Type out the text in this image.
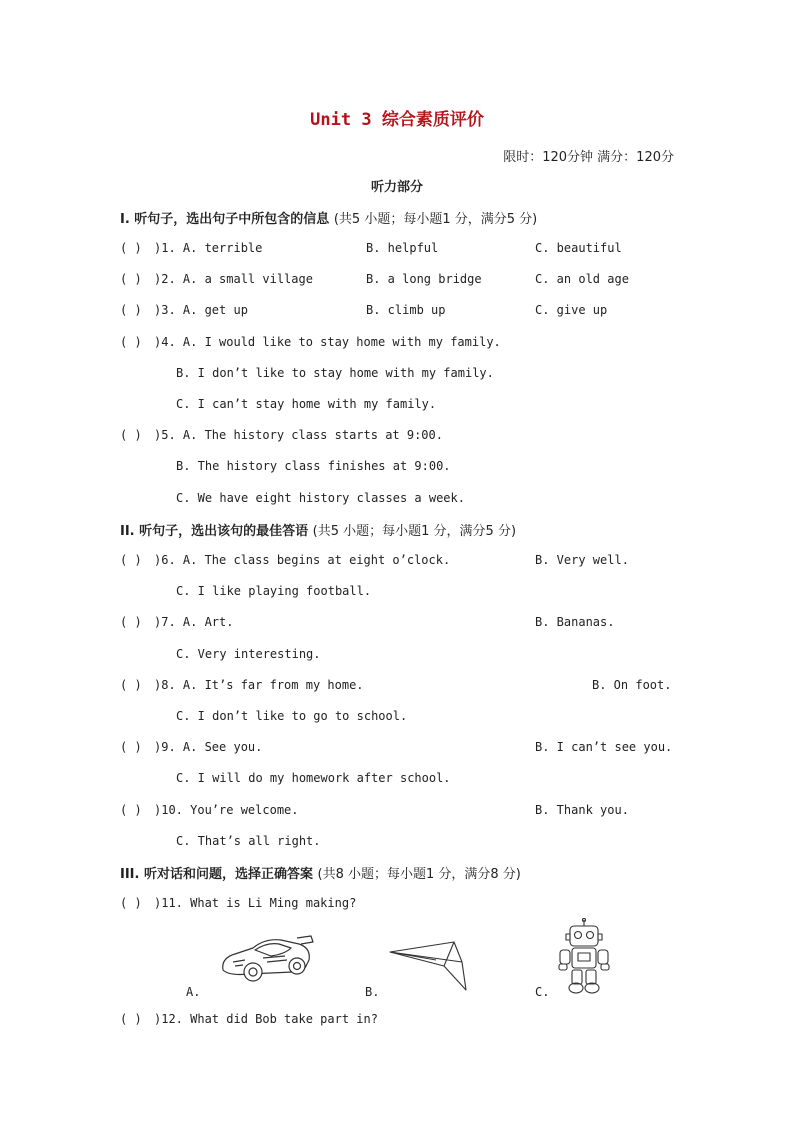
Unit 3 综合素质评价
限时：120分钟 满分：120分
听力部分
I. 听句子，选出句子中所包含的信息 (共5 小题；每小题1 分，满分5 分)
( ) )1. A. terrible	B. helpful	C. beautiful
( ) )2. A. a small village	B. a long bridge	C. an old age
( ) )3. A. get up	B. climb up	C. give up
( ) )4. A. I would like to stay home with my family.
B. I don’t like to stay home with my family.
C. I can’t stay home with my family.
( ) )5. A. The history class starts at 9:00.
B. The history class finishes at 9:00.
C. We have eight history classes a week.
II. 听句子，选出该句的最佳答语 (共5 小题；每小题1 分，满分5 分)
( ) )6. A. The class begins at eight o’clock.	B. Very well.
C. I like playing football.
( ) )7. A. Art.	B. Bananas.
C. Very interesting.
( ) )8. A. It’s far from my home.	B. On foot.
C. I don’t like to go to school.
( ) )9. A. See you.	B. I can’t see you.
C. I will do my homework after school.
( ) )10. You’re welcome.	B. Thank you.
C. That’s all right.
III. 听对话和问题，选择正确答案 (共8 小题；每小题1 分，满分8 分)
( ) )11. What is Li Ming making?
A.	B.	C.
( ) )12. What did Bob take part in?
